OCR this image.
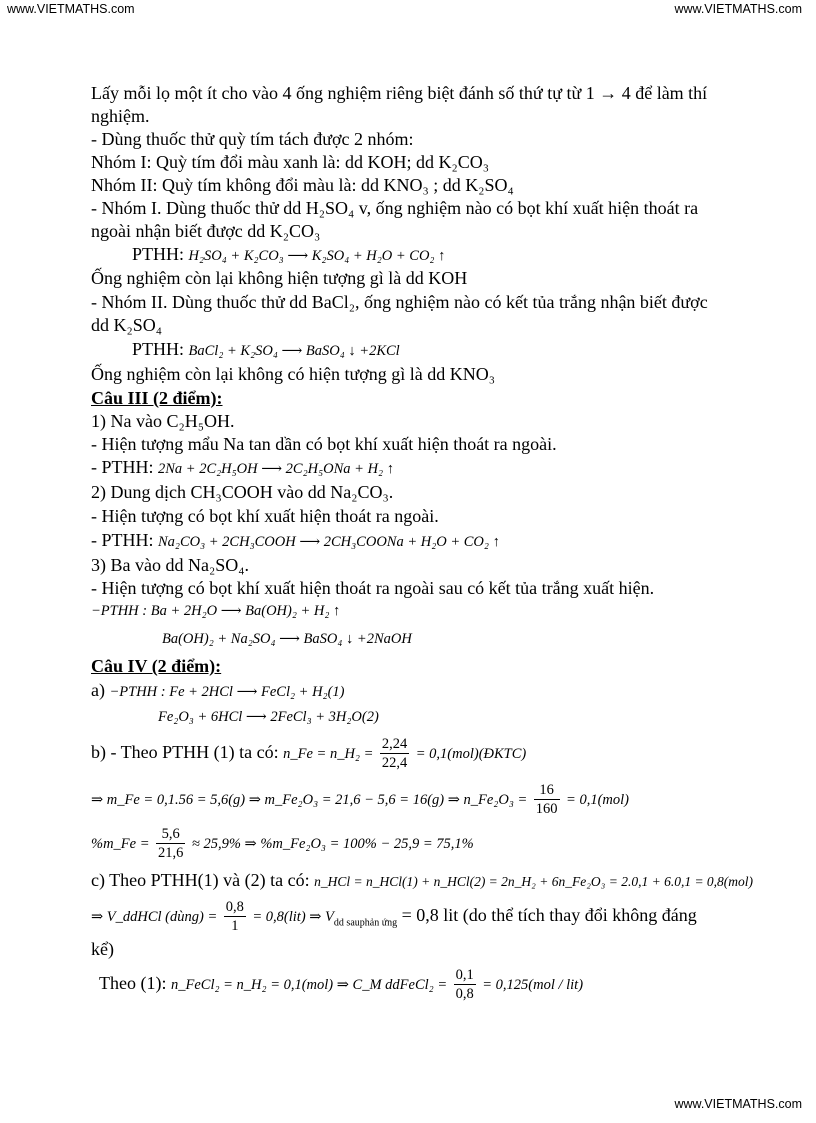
www.VIETMATHS.com	www.VIETMATHS.com
Lấy mỗi lọ một ít cho vào 4 ống nghiệm riêng biệt đánh số thứ tự từ 1 → 4 để làm thí
nghiệm.
- Dùng thuốc thử quỳ tím tách được 2 nhóm:
Nhóm I: Quỳ tím đổi màu xanh là: dd KOH; dd K₂CO₃
Nhóm II: Quỳ tím không đổi màu là: dd KNO₃ ; dd K₂SO₄
- Nhóm I. Dùng thuốc thử dd H₂SO₄ v, ống nghiệm nào có bọt khí xuất hiện thoát ra
ngoài nhận biết được dd K₂CO₃
PTHH: H₂SO₄ + K₂CO₃ ⟶ K₂SO₄ + H₂O + CO₂ ↑
Ống nghiệm còn lại không hiện tượng gì là dd KOH
- Nhóm II. Dùng thuốc thử dd BaCl₂, ống nghiệm nào có kết tủa trắng nhận biết được
dd K₂SO₄
PTHH: BaCl₂ + K₂SO₄ ⟶ BaSO₄ ↓ +2KCl
Ống nghiệm còn lại không có hiện tượng gì là dd KNO₃
Câu III (2 điểm):
1) Na vào C₂H₅OH.
- Hiện tượng mẩu Na tan dần có bọt khí xuất hiện thoát ra ngoài.
- PTHH: 2Na + 2C₂H₅OH ⟶ 2C₂H₅ONa + H₂ ↑
2) Dung dịch CH₃COOH vào dd Na₂CO₃.
- Hiện tượng có bọt khí xuất hiện thoát ra ngoài.
- PTHH: Na₂CO₃ + 2CH₃COOH ⟶ 2CH₃COONa + H₂O + CO₂ ↑
3) Ba vào dd Na₂SO₄.
- Hiện tượng có bọt khí xuất hiện thoát ra ngoài sau có kết tủa trắng xuất hiện.
−PTHH : Ba + 2H₂O ⟶ Ba(OH)₂ + H₂ ↑
Ba(OH)₂ + Na₂SO₄ ⟶ BaSO₄ ↓ +2NaOH
Câu IV (2 điểm):
a) −PTHH : Fe + 2HCl ⟶ FeCl₂ + H₂(1)
Fe₂O₃ + 6HCl ⟶ 2FeCl₃ + 3H₂O(2)
b) - Theo PTHH (1) ta có: n_Fe = n_H₂ = $\frac{2,24}{22,4}$ = 0,1(mol)(ĐKTC)
⇒ m_Fe = 0,1.56 = 5,6(g) ⇒ m_Fe₂O₃ = 21,6 − 5,6 = 16(g) ⇒ n_Fe₂O₃ = $\frac{16}{160} = 0,1(mol)$
%m_Fe = $\frac{5,6}{21,6} \approx 25,9\%$ ⇒ %m_Fe₂O₃ = 100% − 25,9 = 75,1%
c) Theo PTHH(1) và (2) ta có: n_HCl = n_HCl(1) + n_HCl(2) = 2n_H₂ + 6n_Fe₂O₃ = 2.0,1 + 6.0,1 = 0,8(mol)
⇒ V_ddHCl (dùng) = $\frac{0,8}{1} = 0,8(lit)$ ⇒ $V_{dd sauphản ứng} = 0,8$ lit (do thể tích thay đổi không đáng
kể)
Theo (1): n_FeCl₂ = n_H₂ = 0,1(mol) ⇒ C_M ddFeCl₂ = $\frac{0,1}{0,8} = 0,125(mol / lit)$
www.VIETMATHS.com
